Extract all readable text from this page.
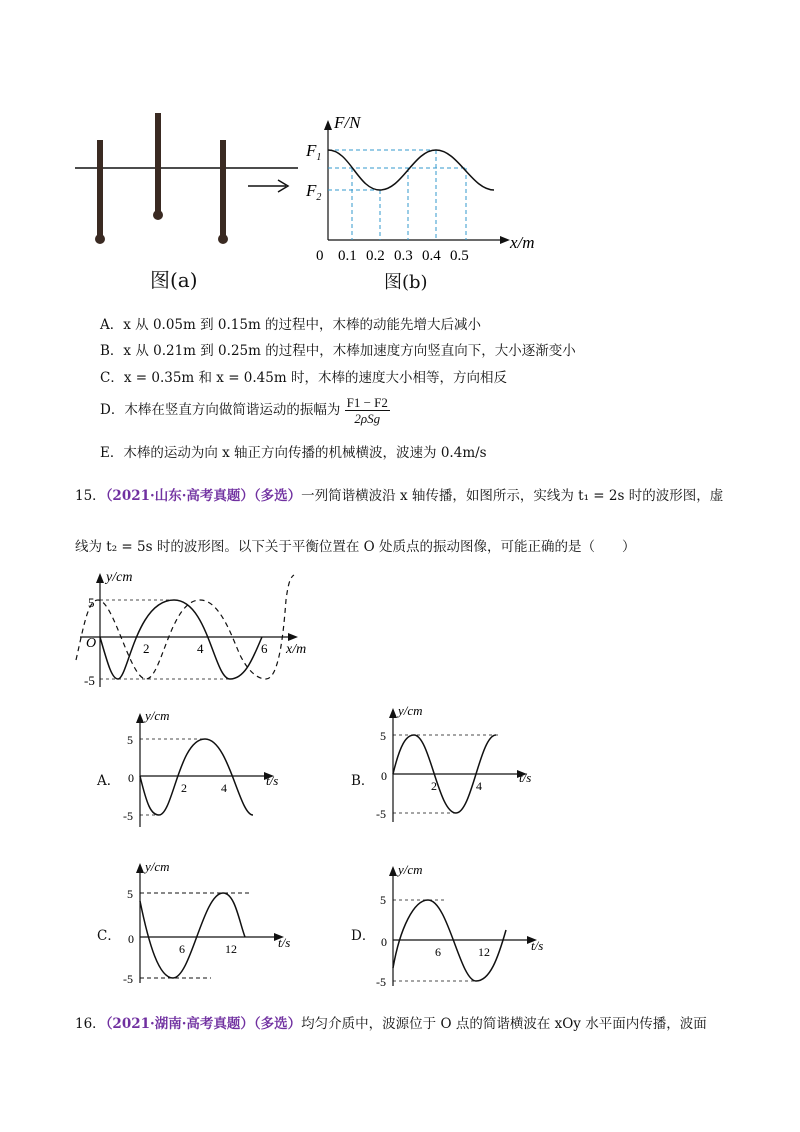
图(a)
F/N
$F_1$
$F_2$
x/m
0 0.1 0.2 0.3 0.4 0.5
图(b)
A．x 从 0.05m 到 0.15m 的过程中，木棒的动能先增大后减小
B．x 从 0.21m 到 0.25m 的过程中，木棒加速度方向竖直向下，大小逐渐变小
C．x = 0.35m 和 x = 0.45m 时，木棒的速度大小相等，方向相反
D．木棒在竖直方向做简谐运动的振幅为 $\frac{F1 - F2}{\text{2ρSg}}$
E．木棒的运动为向 x 轴正方向传播的机械横波，波速为 0.4m/s
15．（2021·山东·高考真题）（多选）一列简谐横波沿 x 轴传播，如图所示，实线为 t₁ = 2s 时的波形图，虚
线为 t₂ = 5s 时的波形图。以下关于平衡位置在 O 处质点的振动图像，可能正确的是（　　）
y/cm
O
5
-5
2	4	6 x/m
A．
y/cm
5
-5
0
2	4	t/s	B．
y/cm
5
-5
0
2	4
t/s
C．
y/cm
5
-5
0
6	12	t/s	D．
y/cm
5
-5
0
6	12	t/s
16．（2021·湖南·高考真题）（多选）均匀介质中，波源位于 O 点的简谐横波在 xOy 水平面内传播，波面
